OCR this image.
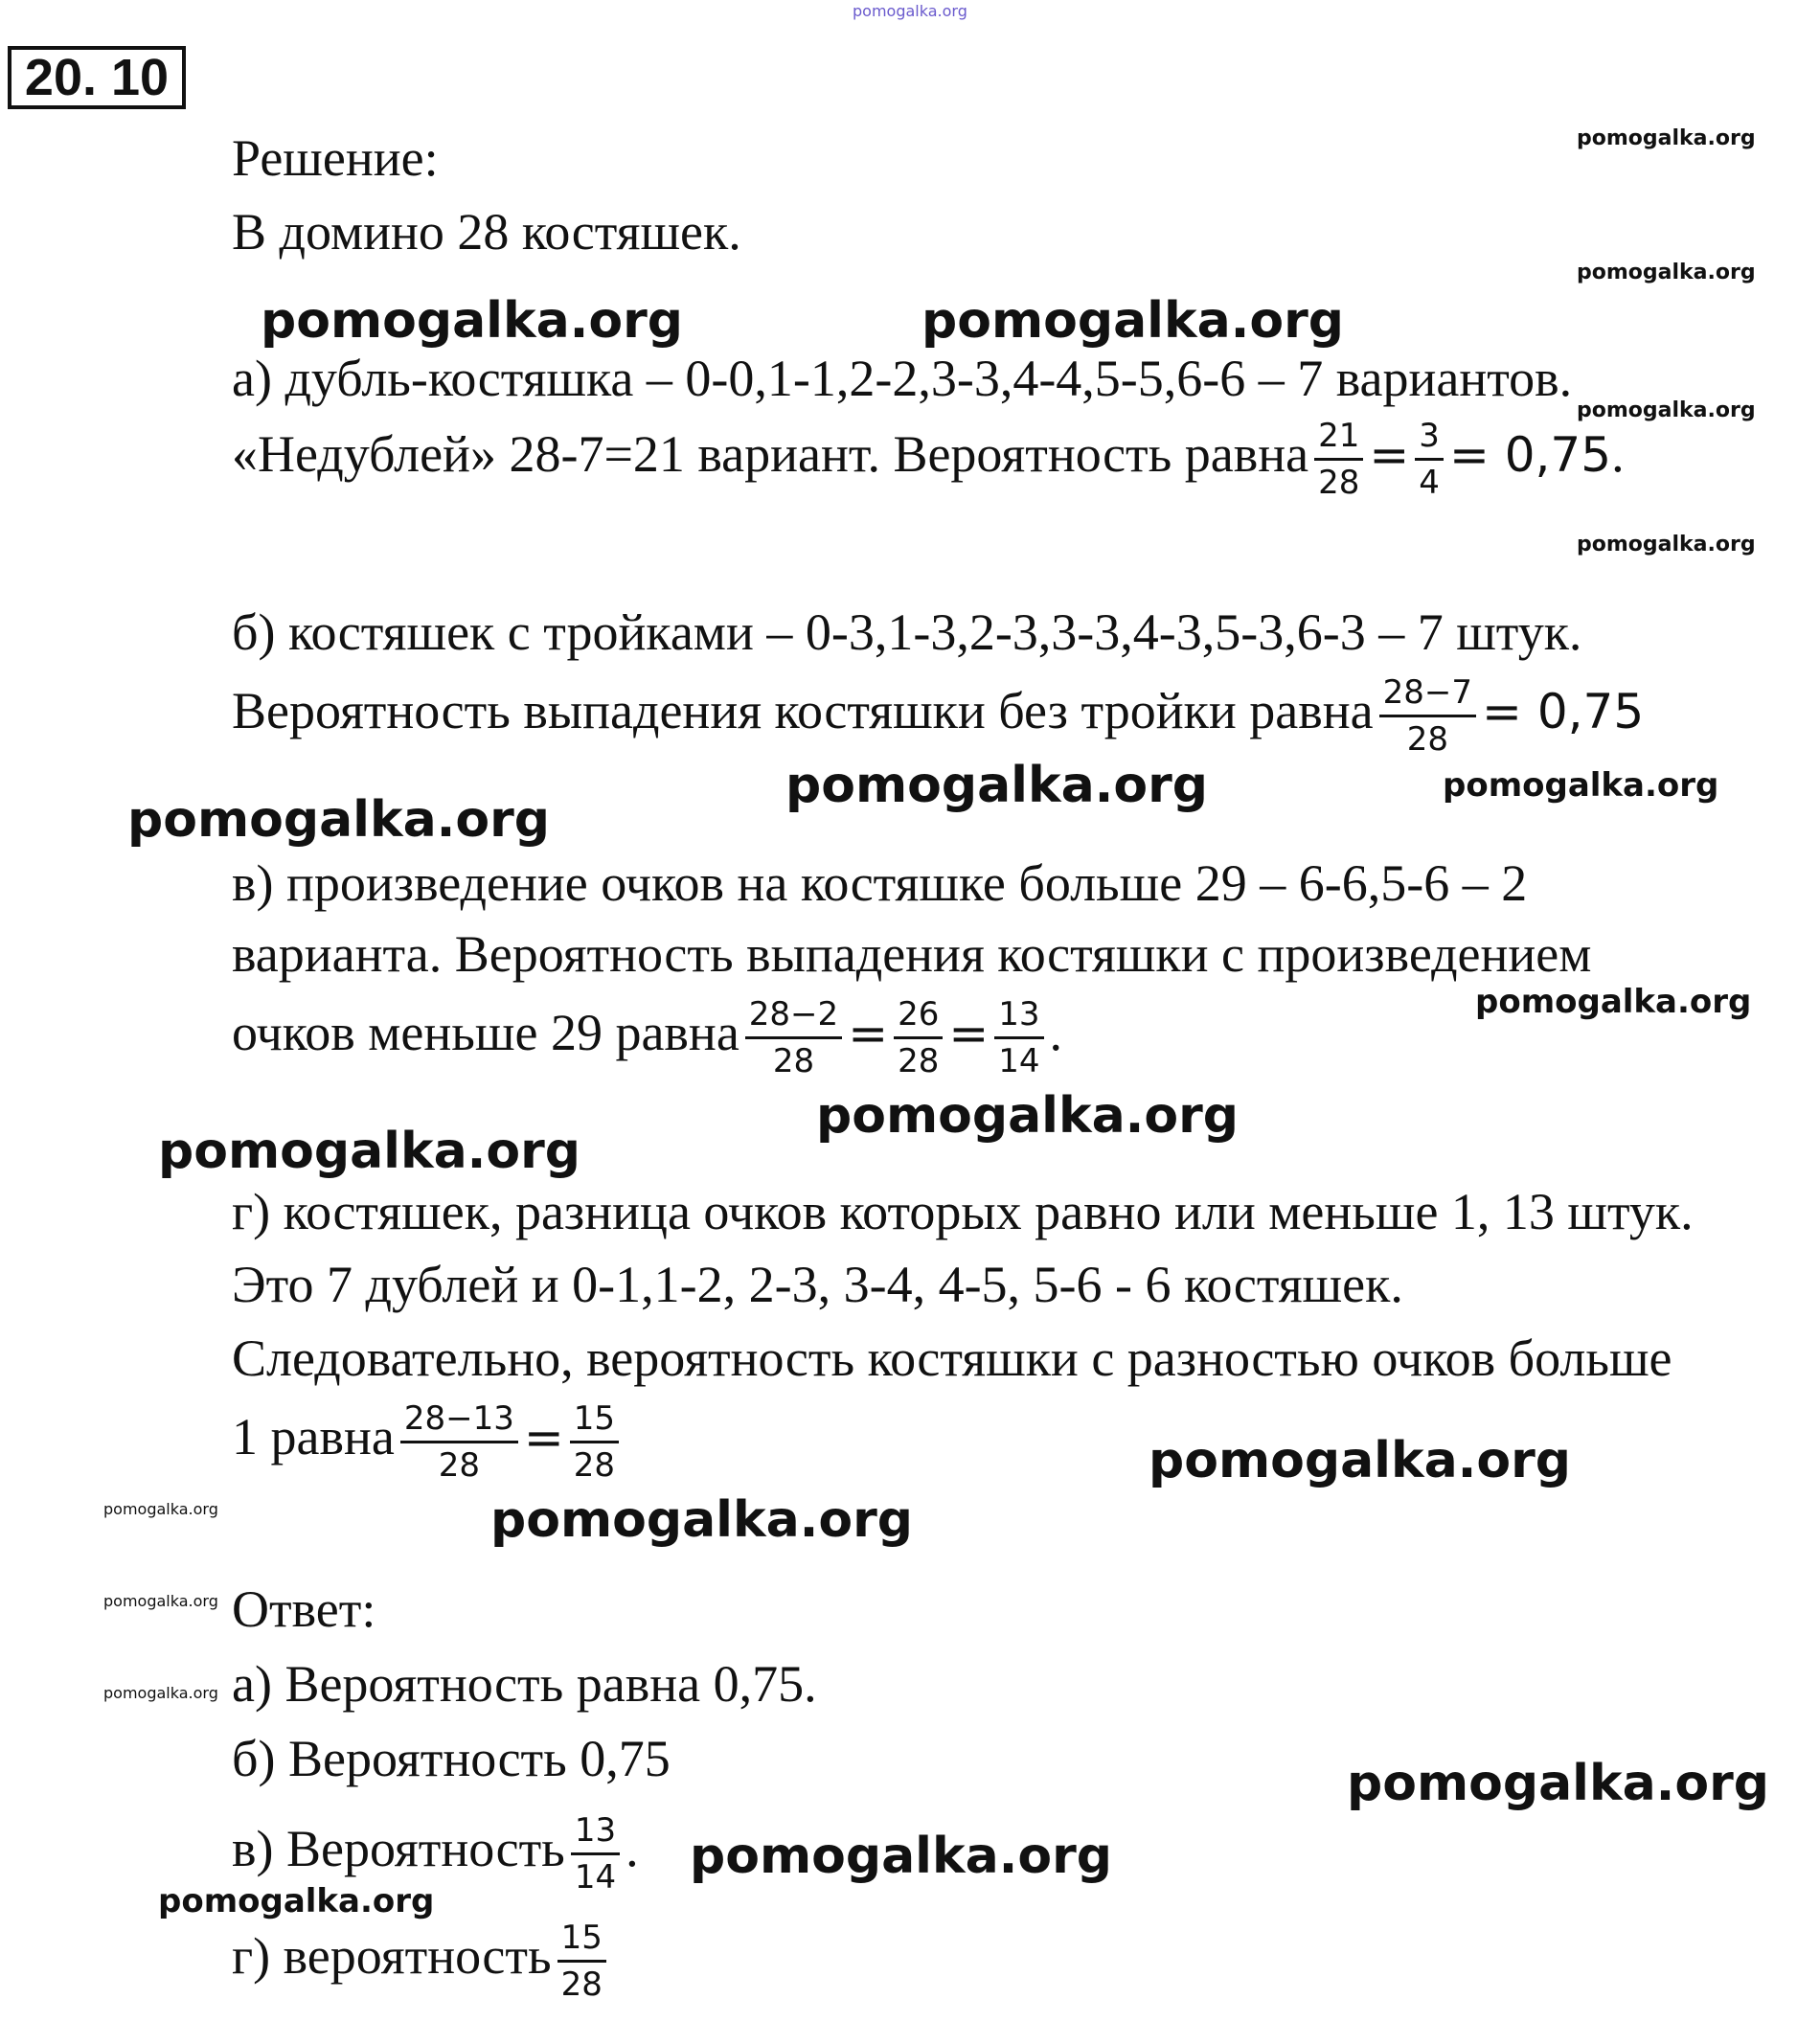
pomogalka.org
20. 10
Решение:
В домино 28 костяшек.
а) дубль-костяшка – 0-0,1-1,2-2,3-3,4-4,5-5,6-6 – 7 вариантов.
«Недублей» 28-7=21 вариант. Вероятность равна $\frac{21}{28} = \frac{3}{4} = 0,75$.
б) костяшек с тройками – 0-3,1-3,2-3,3-3,4-3,5-3,6-3 – 7 штук.
Вероятность выпадения костяшки без тройки равна $\frac{28-7}{28} = 0,75$
в) произведение очков на костяшке больше 29 – 6-6,5-6 – 2
варианта. Вероятность выпадения костяшки с произведением
очков меньше 29 равна $\frac{28-2}{28} = \frac{26}{28} = \frac{13}{14}$ .
г) костяшек, разница очков которых равно или меньше 1, 13 штук.
Это 7 дублей и 0-1,1-2, 2-3, 3-4, 4-5, 5-6 - 6 костяшек.
Следовательно, вероятность костяшки с разностью очков больше
1 равна $\frac{28-13}{28} = \frac{15}{28}$
Ответ:
а) Вероятность равна 0,75.
б) Вероятность 0,75
в) Вероятность $\frac{13}{14}$ .
г) вероятность $\frac{15}{28}$
pomogalka.org	pomogalka.org
pomogalka.org
pomogalka.org
pomogalka.org
pomogalka.org
pomogalka.org
pomogalka.org
pomogalka.org
pomogalka.org
pomogalka.org
pomogalka.org
pomogalka.org
pomogalka.org
pomogalka.org
pomogalka.org
pomogalka.org
pomogalka.org
pomogalka.org
pomogalka.org
